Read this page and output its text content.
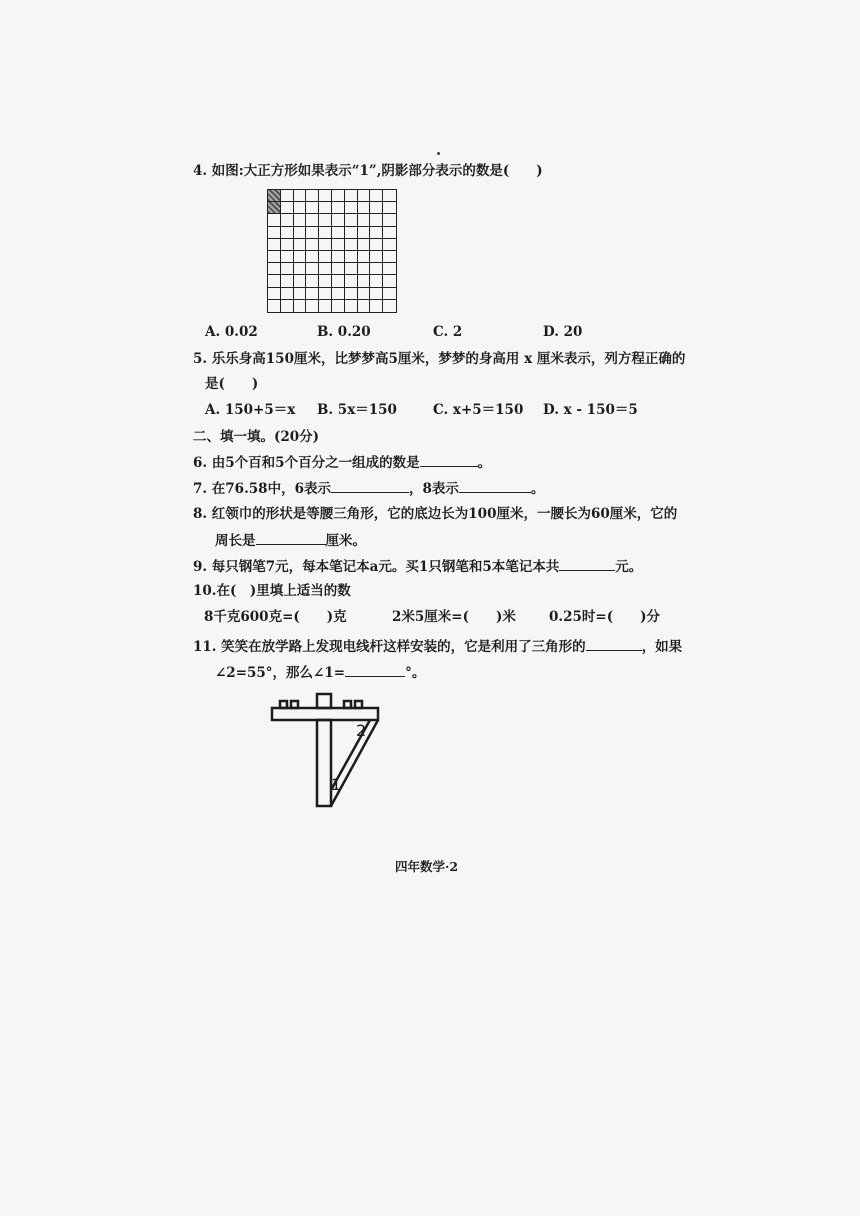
4. 如图:大正方形如果表示“1”,阴影部分表示的数是(　　)
A. 0.02	B. 0.20	C. 2	D. 20
5. 乐乐身高150厘米，比梦梦高5厘米，梦梦的身高用 x 厘米表示，列方程正确的
是(　　)
A. 150+5＝x B. 5x＝150	C. x+5＝150 D. x - 150＝5
二、填一填。(20分)
6. 由5个百和5个百分之一组成的数是	。
7. 在76.58中，6表示	，8表示	。
8. 红领巾的形状是等腰三角形，它的底边长为100厘米，一腰长为60厘米，它的
周长是	厘米。
9. 每只钢笔7元，每本笔记本a元。买1只钢笔和5本笔记本共	元。
10.在(　)里填上适当的数
8千克600克=(　　)克	2米5厘米=(　　)米 0.25时=(　　)分
11. 笑笑在放学路上发现电线杆这样安装的，它是利用了三角形的	，如果
∠2=55°，那么∠1=	°。
2
1
四年数学·2
